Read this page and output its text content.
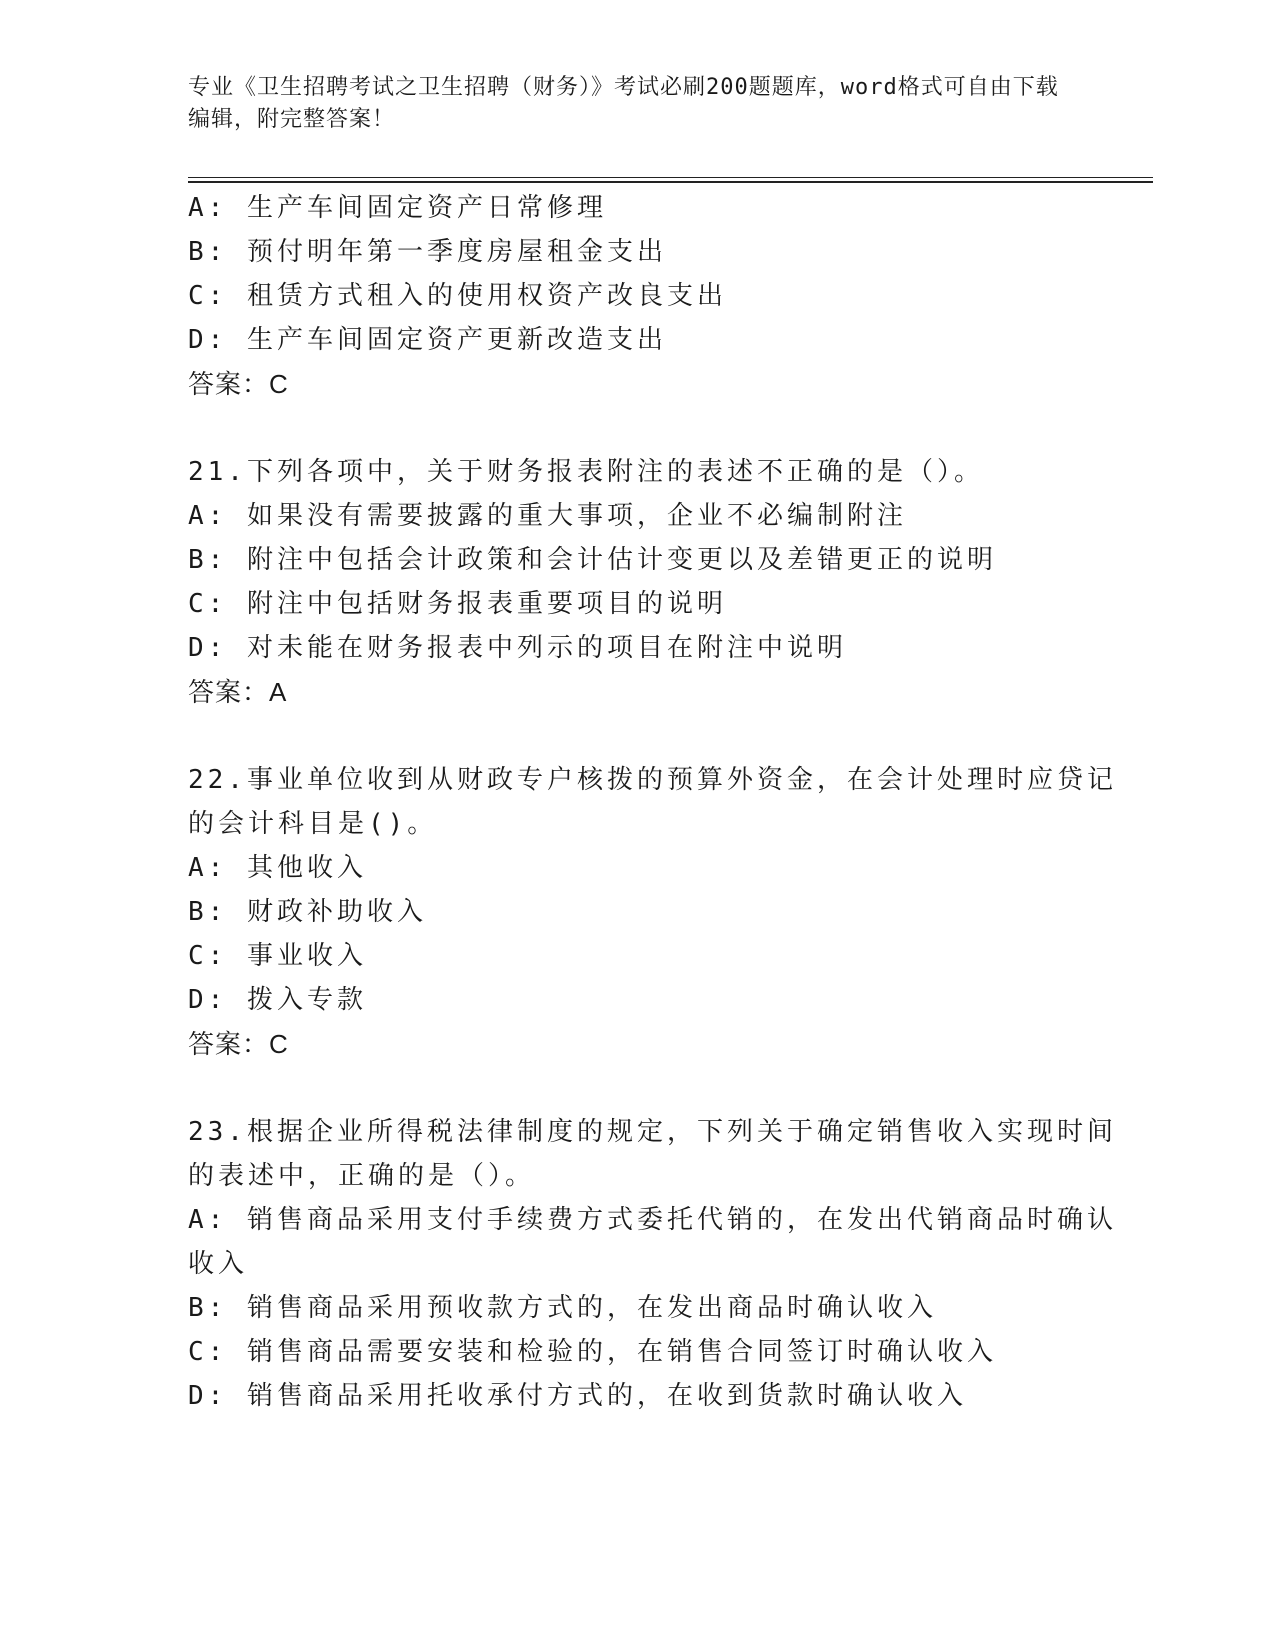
专业《卫生招聘考试之卫生招聘（财务）》考试必刷200题题库，word格式可自由下载编辑，附完整答案！
A: 生产车间固定资产日常修理
B: 预付明年第一季度房屋租金支出
C: 租赁方式租入的使用权资产改良支出
D: 生产车间固定资产更新改造支出
答案：C
21.下列各项中，关于财务报表附注的表述不正确的是（）。
A: 如果没有需要披露的重大事项，企业不必编制附注
B: 附注中包括会计政策和会计估计变更以及差错更正的说明
C: 附注中包括财务报表重要项目的说明
D: 对未能在财务报表中列示的项目在附注中说明
答案：A
22.事业单位收到从财政专户核拨的预算外资金，在会计处理时应贷记
的会计科目是()。
A: 其他收入
B: 财政补助收入
C: 事业收入
D: 拨入专款
答案：C
23.根据企业所得税法律制度的规定，下列关于确定销售收入实现时间
的表述中，正确的是（）。
A: 销售商品采用支付手续费方式委托代销的，在发出代销商品时确认
收入
B: 销售商品采用预收款方式的，在发出商品时确认收入
C: 销售商品需要安装和检验的，在销售合同签订时确认收入
D: 销售商品采用托收承付方式的，在收到货款时确认收入
